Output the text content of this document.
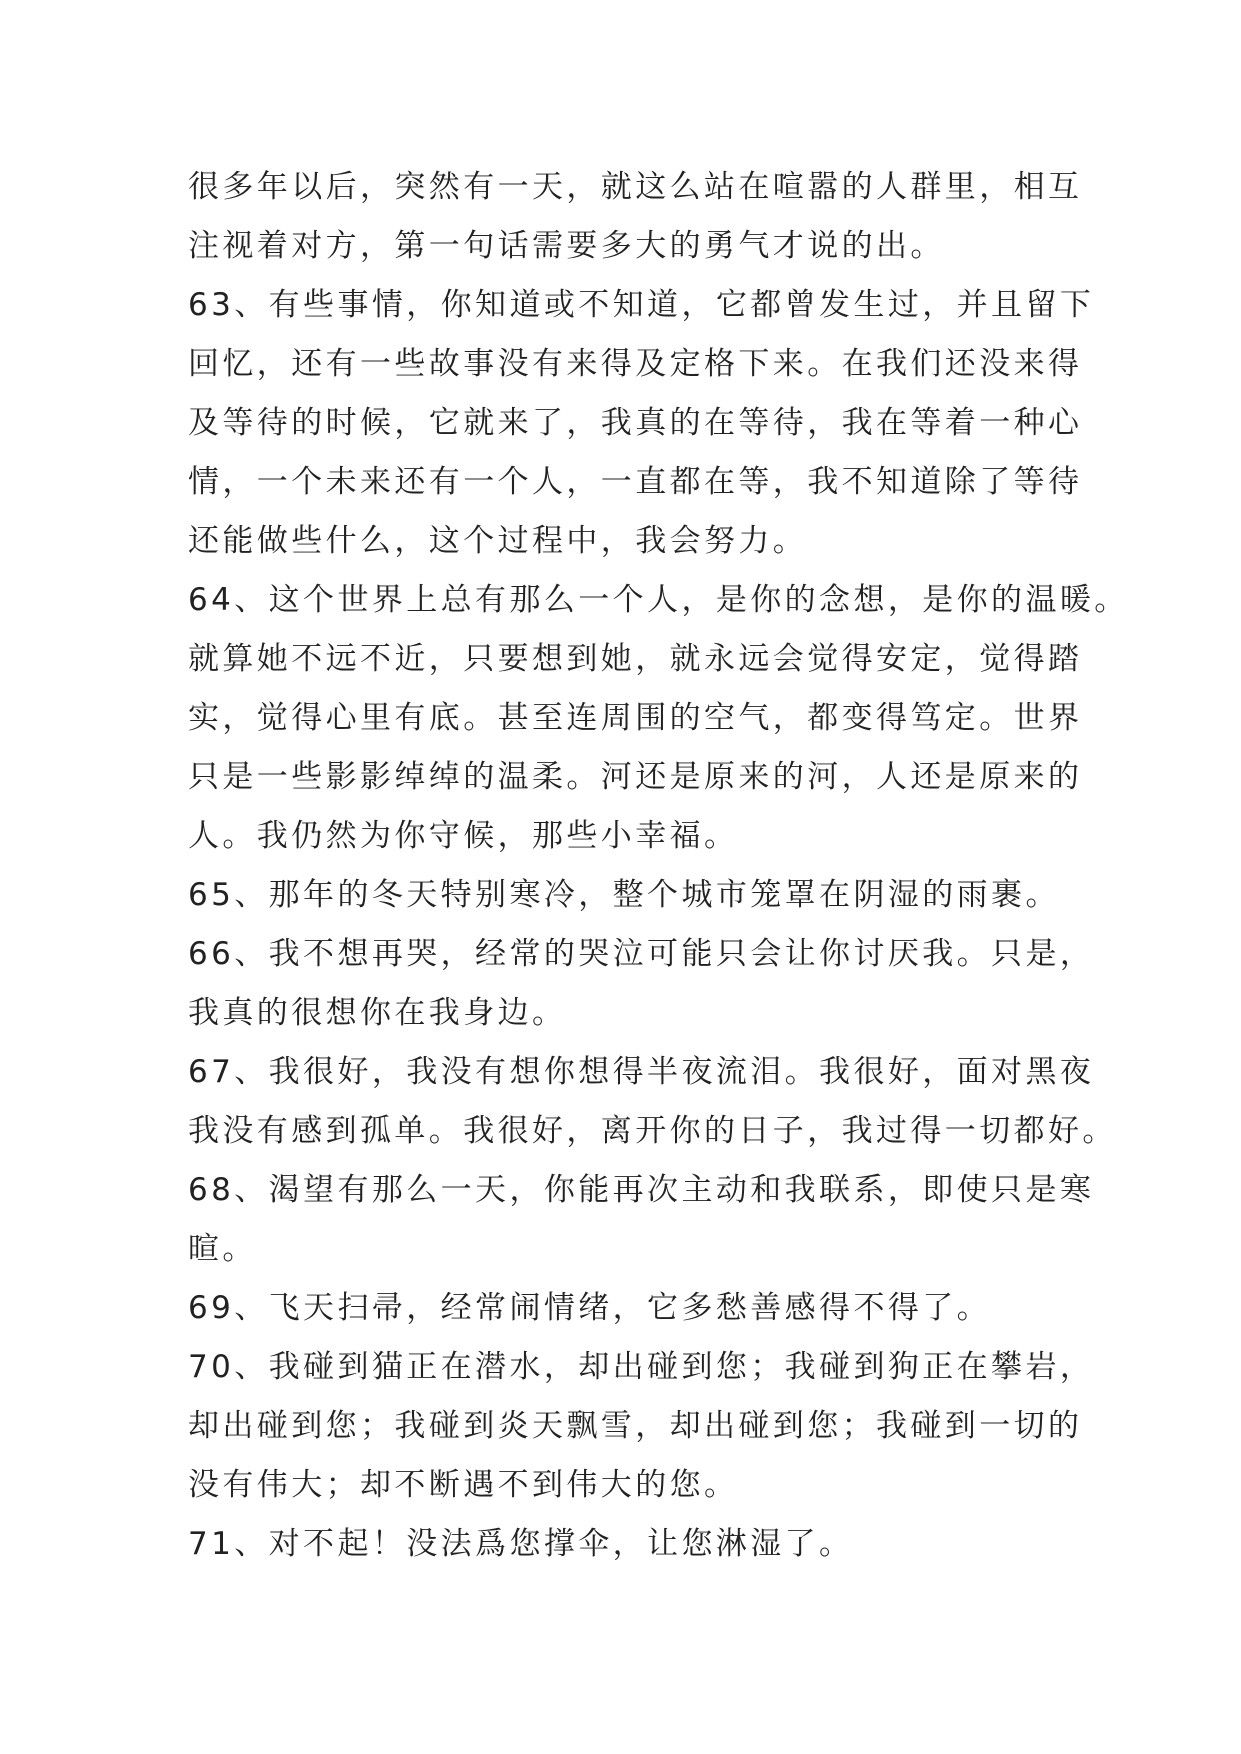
很多年以后，突然有一天，就这么站在喧嚣的人群里，相互
注视着对方，第一句话需要多大的勇气才说的出。
63、有些事情，你知道或不知道，它都曾发生过，并且留下
回忆，还有一些故事没有来得及定格下来。在我们还没来得
及等待的时候，它就来了，我真的在等待，我在等着一种心
情，一个未来还有一个人，一直都在等，我不知道除了等待
还能做些什么，这个过程中，我会努力。
64、这个世界上总有那么一个人，是你的念想，是你的温暖。
就算她不远不近，只要想到她，就永远会觉得安定，觉得踏
实，觉得心里有底。甚至连周围的空气，都变得笃定。世界
只是一些影影绰绰的温柔。河还是原来的河，人还是原来的
人。我仍然为你守候，那些小幸福。
65、那年的冬天特别寒冷，整个城市笼罩在阴湿的雨裹。
66、我不想再哭，经常的哭泣可能只会让你讨厌我。只是，
我真的很想你在我身边。
67、我很好，我没有想你想得半夜流泪。我很好，面对黑夜
我没有感到孤单。我很好，离开你的日子，我过得一切都好。
68、渴望有那么一天，你能再次主动和我联系，即使只是寒
暄。
69、飞天扫帚，经常闹情绪，它多愁善感得不得了。
70、我碰到猫正在潜水，却出碰到您；我碰到狗正在攀岩，
却出碰到您；我碰到炎天飘雪，却出碰到您；我碰到一切的
没有伟大；却不断遇不到伟大的您。
71、对不起！没法爲您撑伞，让您淋湿了。
